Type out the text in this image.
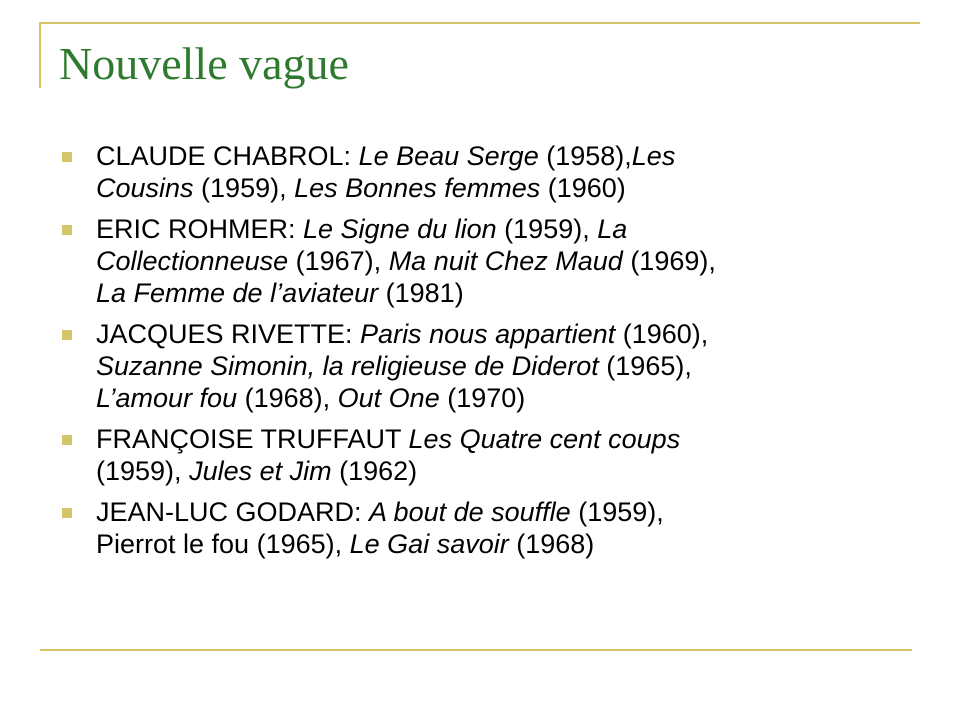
Nouvelle vague
CLAUDE CHABROL: Le Beau Serge (1958),Les
Cousins (1959), Les Bonnes femmes (1960)
ERIC ROHMER: Le Signe du lion (1959), La
Collectionneuse (1967), Ma nuit Chez Maud (1969),
La Femme de l’aviateur (1981)
JACQUES RIVETTE: Paris nous appartient (1960),
Suzanne Simonin, la religieuse de Diderot (1965),
L’amour fou (1968), Out One (1970)
FRANÇOISE TRUFFAUT Les Quatre cent coups
(1959), Jules et Jim (1962)
JEAN-LUC GODARD: A bout de souffle (1959),
Pierrot le fou (1965), Le Gai savoir (1968)
